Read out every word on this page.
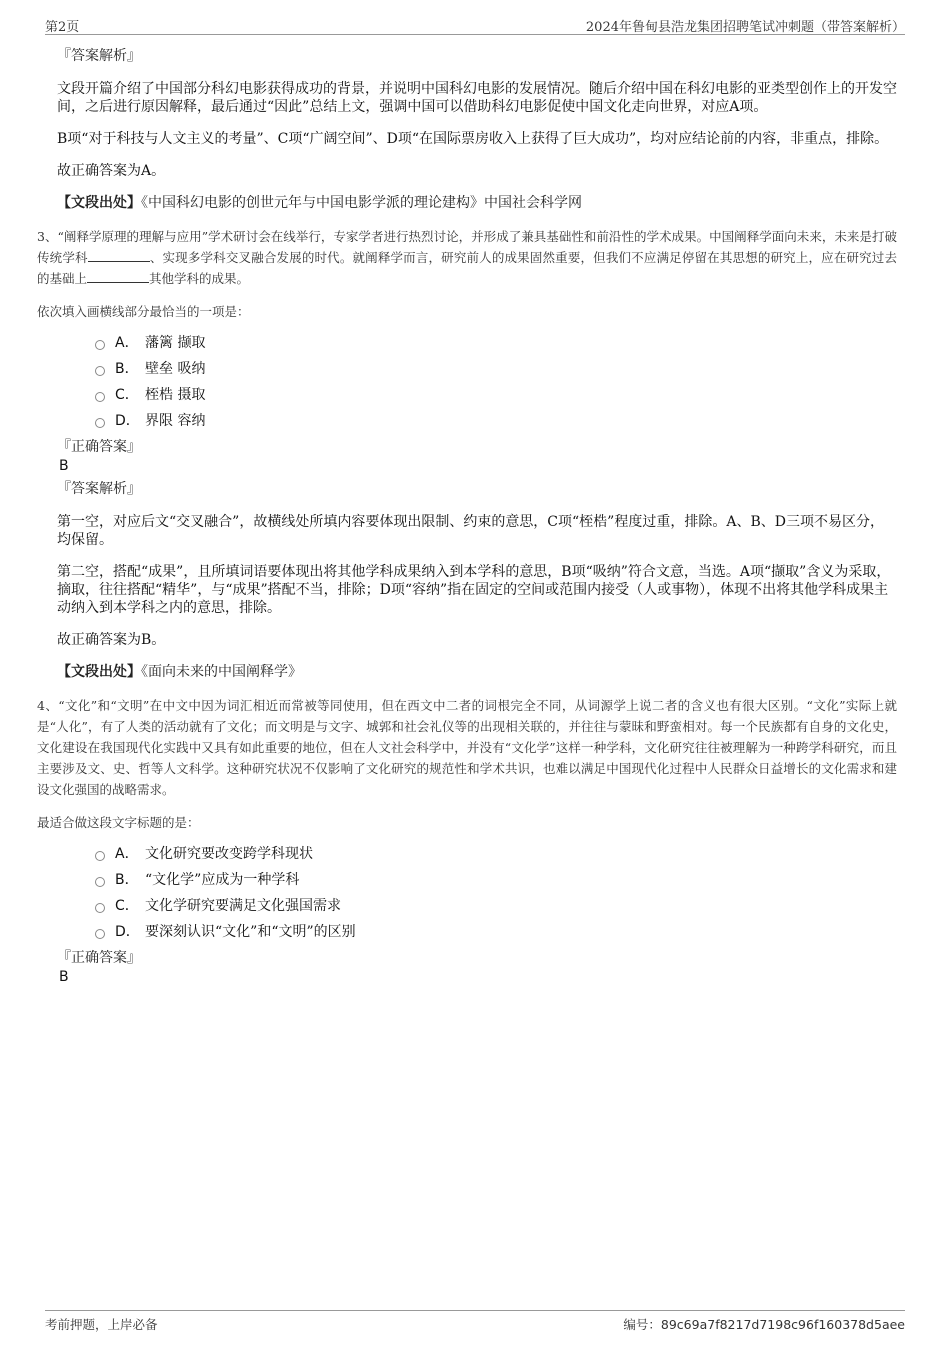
第2页	2024年鲁甸县浩龙集团招聘笔试冲刺题（带答案解析）

『答案解析』

文段开篇介绍了中国部分科幻电影获得成功的背景，并说明中国科幻电影的发展情况。随后介绍中国在科幻电影的亚类型创作上的开发空间，之后进行原因解释，最后通过“因此”总结上文，强调中国可以借助科幻电影促使中国文化走向世界，对应A项。

B项“对于科技与人文主义的考量”、C项“广阔空间”、D项“在国际票房收入上获得了巨大成功”，均对应结论前的内容，非重点，排除。

故正确答案为A。

【文段出处】《中国科幻电影的创世元年与中国电影学派的理论建构》中国社会科学网

3、“阐释学原理的理解与应用”学术研讨会在线举行，专家学者进行热烈讨论，并形成了兼具基础性和前沿性的学术成果。中国阐释学面向未来，未来是打破传统学科	、实现多学科交叉融合发展的时代。就阐释学而言，研究前人的成果固然重要，但我们不应满足停留在其思想的研究上，应在研究过去的基础上	其他学科的成果。

依次填入画横线部分最恰当的一项是：

A． 藩篱 撷取
B． 壁垒 吸纳
C． 桎梏 摄取
D． 界限 容纳

『正确答案』

B

『答案解析』

第一空，对应后文“交叉融合”，故横线处所填内容要体现出限制、约束的意思，C项“桎梏”程度过重，排除。A、B、D三项不易区分，均保留。

第二空，搭配“成果”，且所填词语要体现出将其他学科成果纳入到本学科的意思，B项“吸纳”符合文意，当选。A项“撷取”含义为采取，摘取，往往搭配“精华”，与“成果”搭配不当，排除；D项“容纳”指在固定的空间或范围内接受（人或事物），体现不出将其他学科成果主动纳入到本学科之内的意思，排除。

故正确答案为B。

【文段出处】《面向未来的中国阐释学》

4、“文化”和“文明”在中文中因为词汇相近而常被等同使用，但在西文中二者的词根完全不同，从词源学上说二者的含义也有很大区别。“文化”实际上就是“人化”，有了人类的活动就有了文化；而文明是与文字、城郭和社会礼仪等的出现相关联的，并往往与蒙昧和野蛮相对。每一个民族都有自身的文化史，文化建设在我国现代化实践中又具有如此重要的地位，但在人文社会科学中，并没有“文化学”这样一种学科，文化研究往往被理解为一种跨学科研究，而且主要涉及文、史、哲等人文科学。这种研究状况不仅影响了文化研究的规范性和学术共识，也难以满足中国现代化过程中人民群众日益增长的文化需求和建设文化强国的战略需求。

最适合做这段文字标题的是：

A． 文化研究要改变跨学科现状
B． “文化学”应成为一种学科
C． 文化学研究要满足文化强国需求
D． 要深刻认识“文化”和“文明”的区别

『正确答案』

B

考前押题，上岸必备	编号：89c69a7f8217d7198c96f160378d5aee
